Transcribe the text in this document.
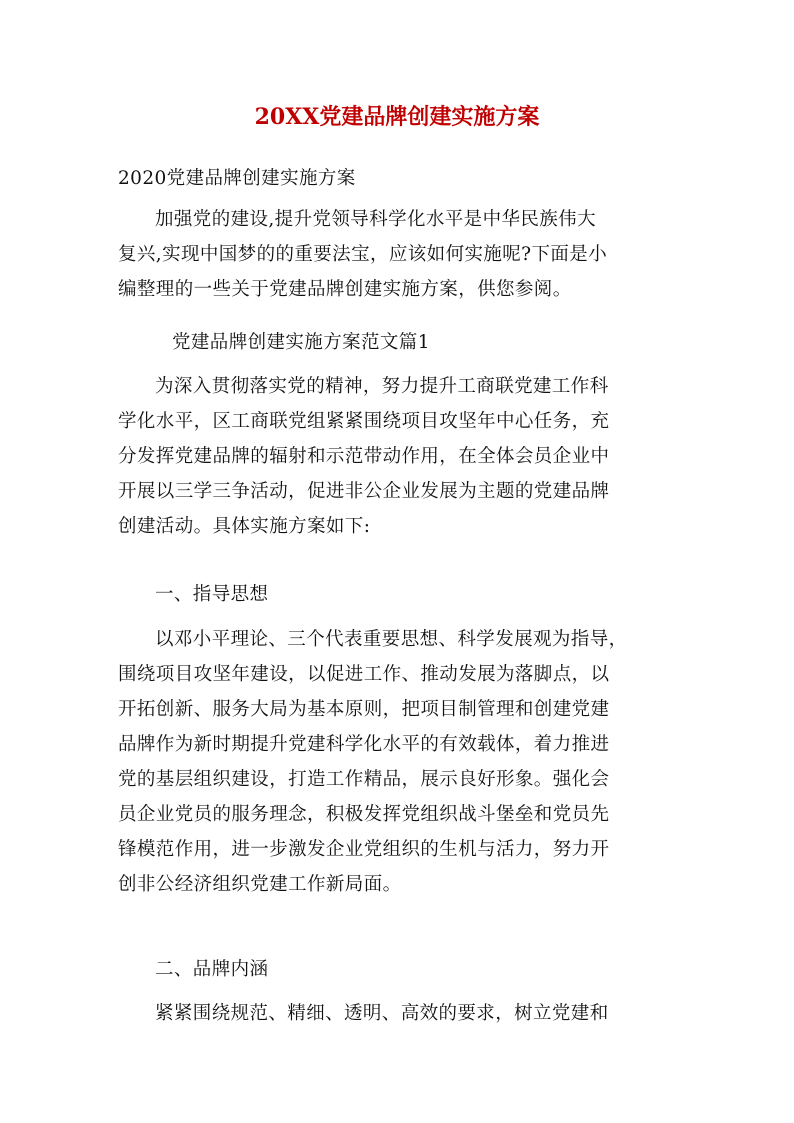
20XX党建品牌创建实施方案
2020党建品牌创建实施方案
加强党的建设,提升党领导科学化水平是中华民族伟大
复兴,实现中国梦的的重要法宝，应该如何实施呢?下面是小
编整理的一些关于党建品牌创建实施方案，供您参阅。
党建品牌创建实施方案范文篇1
为深入贯彻落实党的精神，努力提升工商联党建工作科
学化水平，区工商联党组紧紧围绕项目攻坚年中心任务，充
分发挥党建品牌的辐射和示范带动作用，在全体会员企业中
开展以三学三争活动，促进非公企业发展为主题的党建品牌
创建活动。具体实施方案如下:
一、指导思想
以邓小平理论、三个代表重要思想、科学发展观为指导，
围绕项目攻坚年建设，以促进工作、推动发展为落脚点，以
开拓创新、服务大局为基本原则，把项目制管理和创建党建
品牌作为新时期提升党建科学化水平的有效载体，着力推进
党的基层组织建设，打造工作精品，展示良好形象。强化会
员企业党员的服务理念，积极发挥党组织战斗堡垒和党员先
锋模范作用，进一步激发企业党组织的生机与活力，努力开
创非公经济组织党建工作新局面。
二、品牌内涵
紧紧围绕规范、精细、透明、高效的要求，树立党建和
